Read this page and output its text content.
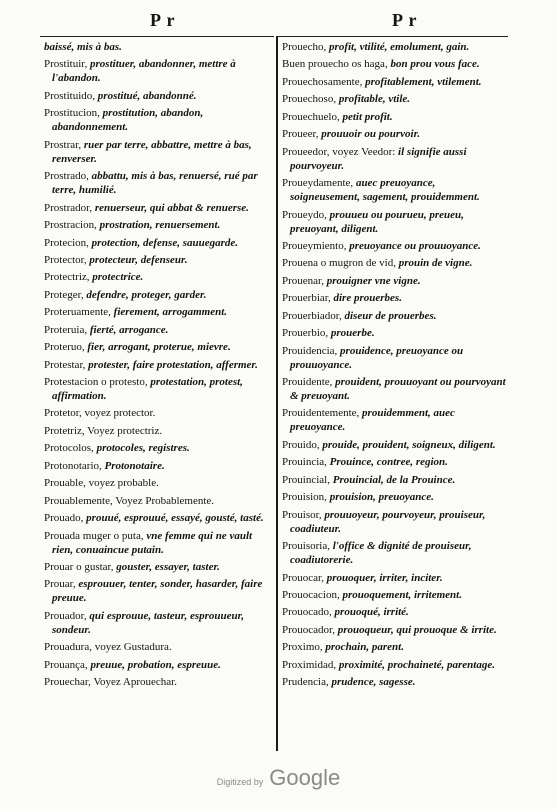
P r	P r

baissé, mis à bas.

Prostituir, prostituer, abandonner, mettre à l'abandon.

Prostituido, prostitué, abandonné.

Prostitucion, prostitution, abandon, abandonnement.

Prostrar, ruer par terre, abbattre, mettre à bas, renverser.

Prostrado, abbattu, mis à bas, renuersé, rué par terre, humilié.

Prostrador, renuerseur, qui abbat & renuerse.

Prostracion, prostration, renuersement.

Protecion, protection, defense, sauuegarde.

Protector, protecteur, defenseur.

Protectriz, protectrice.

Proteger, defendre, proteger, garder.

Proteruamente, fierement, arrogamment.

Proteruia, fierté, arrogance.

Proteruo, fier, arrogant, proterue, mievre.

Protestar, protester, faire protestation, affermer.

Protestacion o protesto, protestation, protest, affirmation.

Protetor, voyez protector.

Protetriz, Voyez protectriz.

Protocolos, protocoles, registres.

Protonotario, Protonotaire.

Prouable, voyez probable.

Prouablemente, Voyez Probablemente.

Prouado, prouué, esprouué, essayé, gousté, tasté.

Prouada muger o puta, vne femme qui ne vault rien, conuaincue putain.

Prouar o gustar, gouster, essayer, taster.

Prouar, esprouuer, tenter, sonder, hasarder, faire preuue.

Prouador, qui esprouue, tasteur, esprouueur, sondeur.

Prouadura, voyez Gustadura.

Prouança, preuue, probation, espreuue.

Prouechar, Voyez Aprouechar.

Prouecho, profit, vtilité, emolument, gain.

Buen prouecho os haga, bon prou vous face.

Prouechosamente, profitablement, vtilement.

Prouechoso, profitable, vtile.

Prouechuelo, petit profit.

Proueer, prouuoir ou pourvoir.

Proueedor, voyez Veedor: il signifie aussi pourvoyeur.

Proueydamente, auec preuoyance, soigneusement, sagement, prouidemment.

Proueydo, prouueu ou pourueu, preueu, preuoyant, diligent.

Proueymiento, preuoyance ou prouuoyance.

Prouena o mugron de vid, prouin de vigne.

Prouenar, prouigner vne vigne.

Prouerbiar, dire prouerbes.

Prouerbiador, diseur de prouerbes.

Prouerbio, prouerbe.

Prouidencia, prouidence, preuoyance ou prouuoyance.

Prouidente, prouident, prouuoyant ou pourvoyant & preuoyant.

Prouidentemente, prouidemment, auec preuoyance.

Prouido, prouide, prouident, soigneux, diligent.

Prouincia, Prouince, contree, region.

Prouincial, Prouincial, de la Prouince.

Prouision, prouision, preuoyance.

Prouisor, prouuoyeur, pourvoyeur, prouiseur, coadiuteur.

Prouisoria, l'office & dignité de prouiseur, coadiutorerie.

Prouocar, prouoquer, irriter, inciter.

Prouocacion, prouoquement, irritement.

Prouocado, prouoqué, irrité.

Prouocador, prouoqueur, qui prouoque & irrite.

Proximo, prochain, parent.

Proximidad, proximité, prochaineté, parentage.

Prudencia, prudence, sagesse.

Digitized by Google
